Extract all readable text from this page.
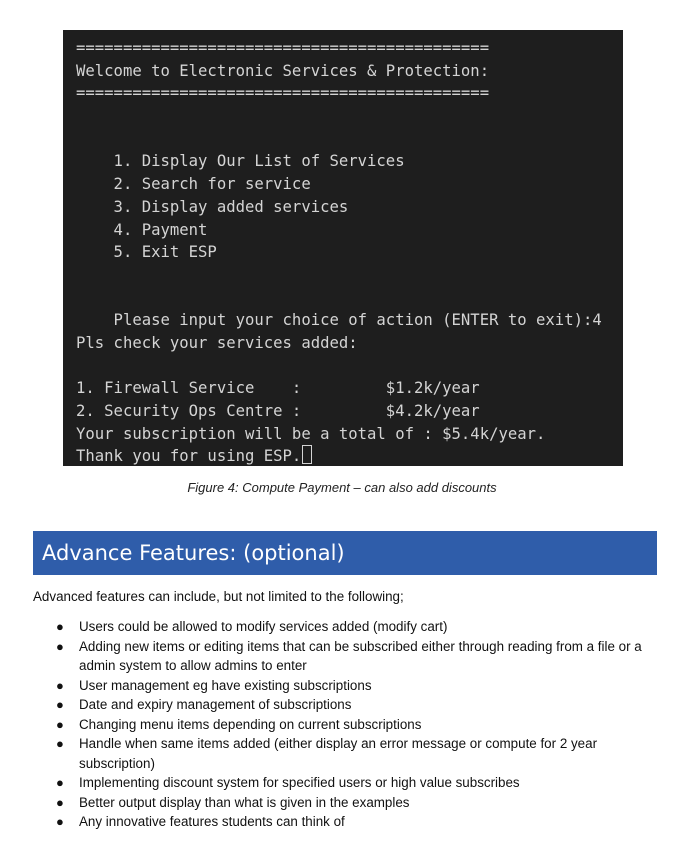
============================================
Welcome to Electronic Services & Protection:
============================================
1. Display Our List of Services
2. Search for service
3. Display added services
4. Payment
5. Exit ESP
Please input your choice of action (ENTER to exit):4
Pls check your services added:
1. Firewall Service    :         $1.2k/year
2. Security Ops Centre :         $4.2k/year
Your subscription will be a total of : $5.4k/year.
Thank you for using ESP.
Figure 4: Compute Payment – can also add discounts
Advance Features: (optional)
Advanced features can include, but not limited to the following;
● Users could be allowed to modify services added (modify cart)
● Adding new items or editing items that can be subscribed either through reading from a file or a admin system to allow admins to enter
● User management eg have existing subscriptions
● Date and expiry management of subscriptions
● Changing menu items depending on current subscriptions
● Handle when same items added (either display an error message or compute for 2 year subscription)
● Implementing discount system for specified users or high value subscribes
● Better output display than what is given in the examples
● Any innovative features students can think of
